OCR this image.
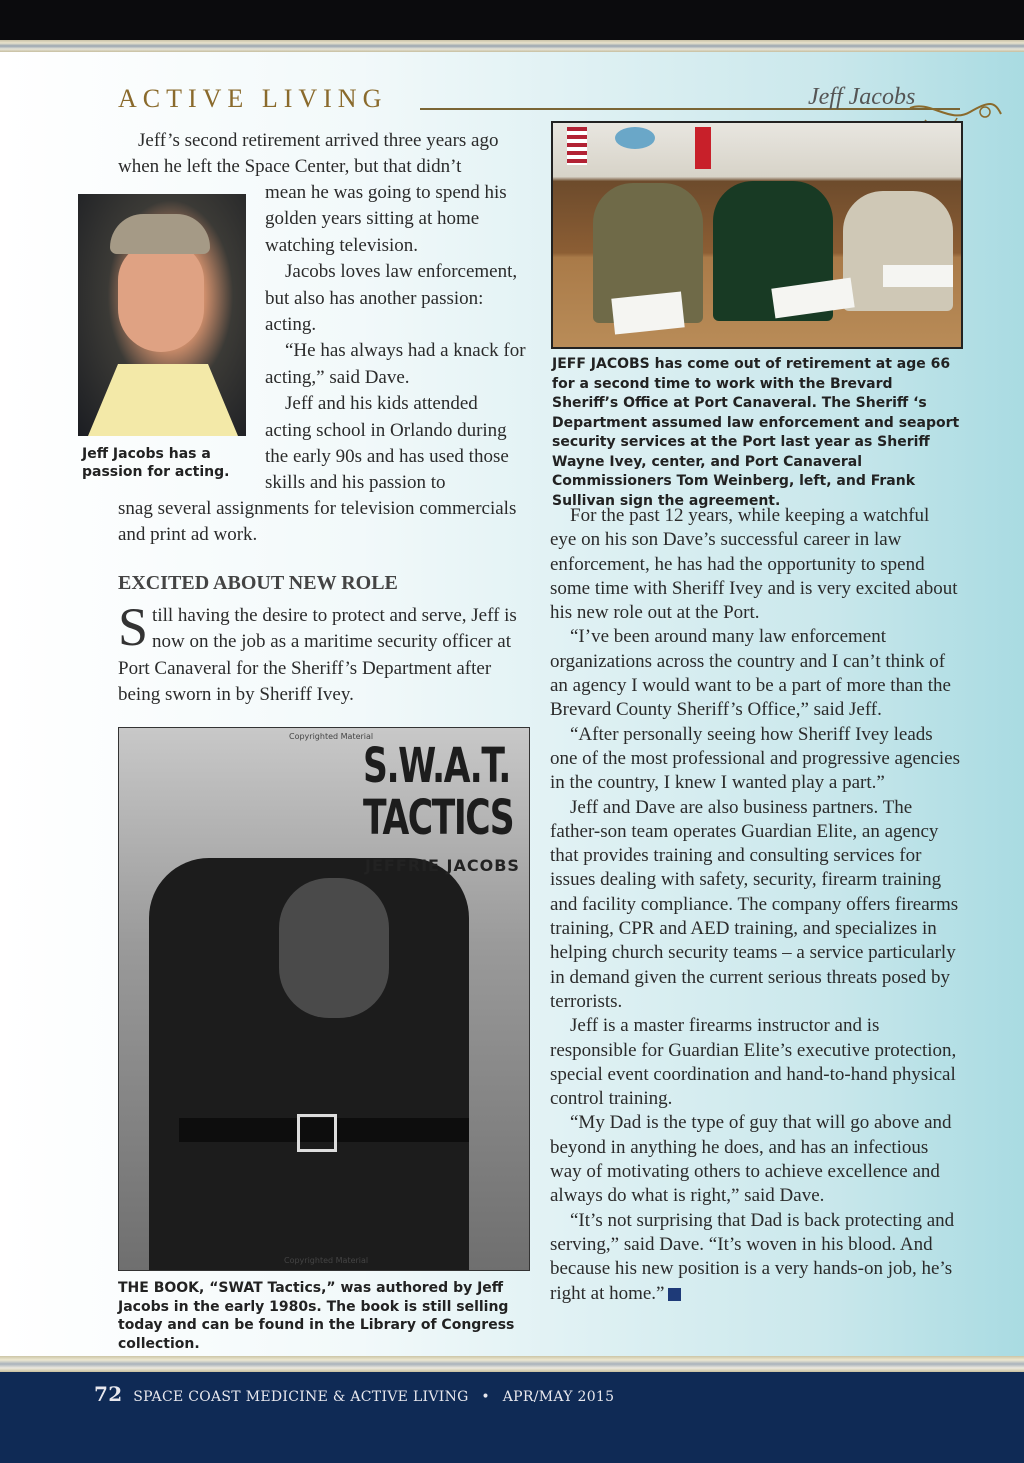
ACTIVE LIVING	Jeff Jacobs

Jeff’s second retirement arrived three years ago when he left the Space Center, but that didn’t

Jeff Jacobs has a passion for acting.

mean he was going to spend his golden years sitting at home watching television.

Jacobs loves law enforcement, but also has another passion: acting.

“He has always had a knack for acting,” said Dave.

Jeff and his kids attended acting school in Orlando during the early 90s and has used those skills and his passion to

snag several assignments for television commercials and print ad work.

EXCITED ABOUT NEW ROLE

Still having the desire to protect and serve, Jeff is now on the job as a maritime security officer at Port Canaveral for the Sheriff’s Department after being sworn in by Sheriff Ivey.

Copyrighted Material
S.W.A.T. TACTICS
JEFFRIE JACOBS
Copyrighted Material
THE BOOK, “SWAT Tactics,” was authored by Jeff Jacobs in the early 1980s. The book is still selling today and can be found in the Library of Congress collection.
JEFF JACOBS has come out of retirement at age 66 for a second time to work with the Brevard Sheriff’s Office at Port Canaveral. The Sheriff ‘s Department assumed law enforcement and seaport security services at the Port last year as Sheriff Wayne Ivey, center, and Port Canaveral Commissioners Tom Weinberg, left, and Frank Sullivan sign the agreement.

For the past 12 years, while keeping a watchful eye on his son Dave’s successful career in law enforcement, he has had the opportunity to spend some time with Sheriff Ivey and is very excited about his new role out at the Port.

“I’ve been around many law enforcement organizations across the country and I can’t think of an agency I would want to be a part of more than the Brevard County Sheriff’s Office,” said Jeff.

“After personally seeing how Sheriff Ivey leads one of the most professional and progressive agencies in the country, I knew I wanted play a part.”

Jeff and Dave are also business partners. The father-son team operates Guardian Elite, an agency that provides training and consulting services for issues dealing with safety, security, firearm training and facility compliance. The company offers firearms training, CPR and AED training, and specializes in helping church security teams – a service particularly in demand given the current serious threats posed by terrorists.

Jeff is a master firearms instructor and is responsible for Guardian Elite’s executive protection, special event coordination and hand-to-hand physical control training.

“My Dad is the type of guy that will go above and beyond in anything he does, and has an infectious way of motivating others to achieve excellence and always do what is right,” said Dave.

“It’s not surprising that Dad is back protecting and serving,” said Dave. “It’s woven in his blood. And because his new position is a very hands-on job, he’s right at home.”

72 SPACE COAST MEDICINE & ACTIVE LIVING • APR/MAY 2015
